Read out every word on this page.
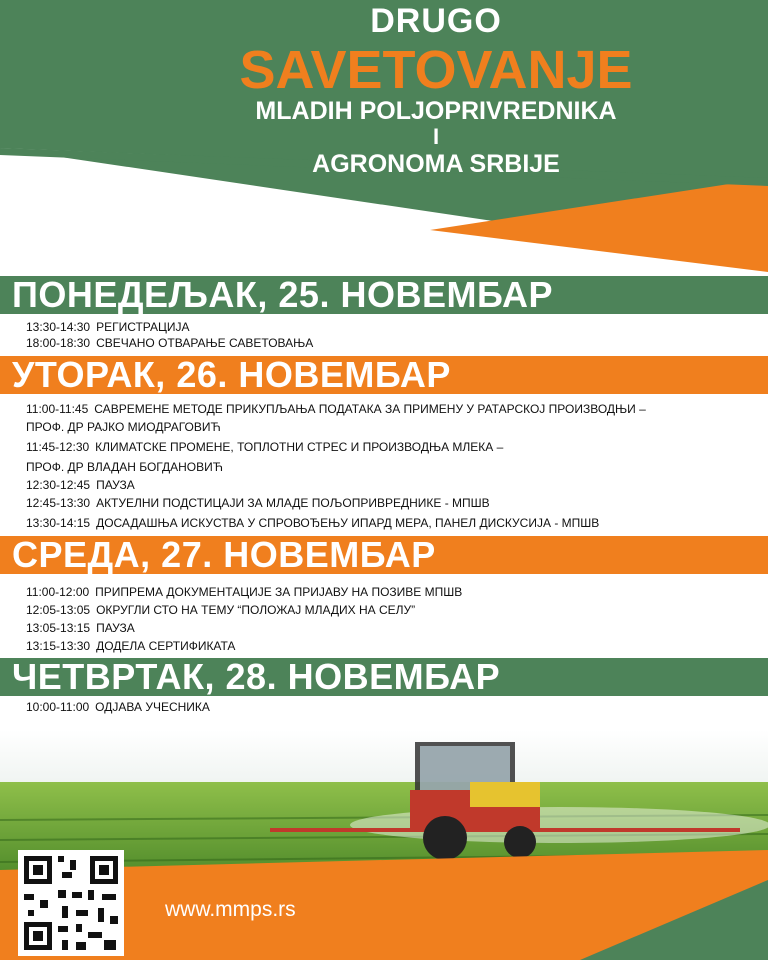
DRUGO
SAVETOVANJE
MLADIH POLJOPRIVREDNIKA
I
AGRONOMA SRBIJE
ПОНЕДЕЉАК, 25. НОВЕМБАР
13:30-14:30 РЕГИСТРАЦИЈА
18:00-18:30 СВЕЧАНО ОТВАРАЊЕ САВЕТОВАЊА
УТОРАК, 26. НОВЕМБАР
11:00-11:45 САВРЕМЕНЕ МЕТОДЕ ПРИКУПЉАЊА ПОДАТАКА ЗА ПРИМЕНУ У РАТАРСКОЈ ПРОИЗВОДЊИ –
ПРОФ. ДР РАЈКО МИОДРАГОВИЋ
11:45-12:30 КЛИМАТСКЕ ПРОМЕНЕ, ТОПЛОТНИ СТРЕС И ПРОИЗВОДЊА МЛЕКА –
ПРОФ. ДР ВЛАДАН БОГДАНОВИЋ
12:30-12:45 ПАУЗА
12:45-13:30 АКТУЕЛНИ ПОДСТИЦАЈИ ЗА МЛАДЕ ПОЉОПРИВРЕДНИКЕ - МПШВ
13:30-14:15 ДОСАДАШЊА ИСКУСТВА У СПРОВОЂЕЊУ ИПАРД МЕРА, ПАНЕЛ ДИСКУСИЈА - МПШВ
СРЕДА, 27. НОВЕМБАР
11:00-12:00 ПРИПРЕМА ДОКУМЕНТАЦИЈЕ ЗА ПРИЈАВУ НА ПОЗИВЕ МПШВ
12:05-13:05 ОКРУГЛИ СТО НА ТЕМУ “ПОЛОЖАЈ МЛАДИХ НА СЕЛУ”
13:05-13:15 ПАУЗА
13:15-13:30 ДОДЕЛА СЕРТИФИКАТА
ЧЕТВРТАК, 28. НОВЕМБАР
10:00-11:00 ОДЈАВА УЧЕСНИКА
www.mmps.rs
